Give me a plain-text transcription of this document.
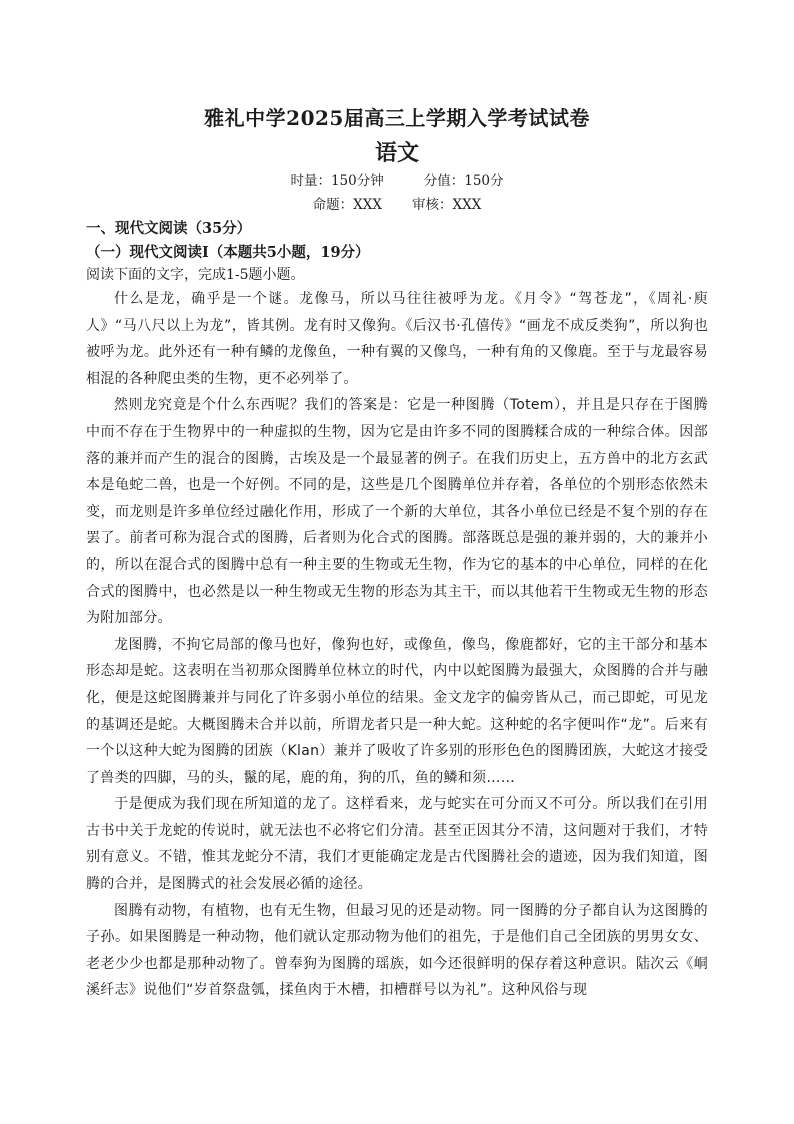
雅礼中学2025届高三上学期入学考试试卷
语文
时量：150分钟	分值：150分
命题：XXX 审核：XXX
一、现代文阅读（35分）
（一）现代文阅读Ⅰ（本题共5小题，19分）
阅读下面的文字，完成1-5题小题。

什么是龙，确乎是一个谜。龙像马，所以马往往被呼为龙。《月令》“驾苍龙”，《周礼·庾人》“马八尺以上为龙”，皆其例。龙有时又像狗。《后汉书·孔僖传》“画龙不成反类狗”，所以狗也被呼为龙。此外还有一种有鳞的龙像鱼，一种有翼的又像鸟，一种有角的又像鹿。至于与龙最容易相混的各种爬虫类的生物，更不必列举了。

然则龙究竟是个什么东西呢？我们的答案是：它是一种图腾（Totem），并且是只存在于图腾中而不存在于生物界中的一种虚拟的生物，因为它是由许多不同的图腾糅合成的一种综合体。因部落的兼并而产生的混合的图腾，古埃及是一个最显著的例子。在我们历史上，五方兽中的北方玄武本是龟蛇二兽，也是一个好例。不同的是，这些是几个图腾单位并存着，各单位的个别形态依然未变，而龙则是许多单位经过融化作用，形成了一个新的大单位，其各小单位已经是不复个别的存在罢了。前者可称为混合式的图腾，后者则为化合式的图腾。部落既总是强的兼并弱的，大的兼并小的，所以在混合式的图腾中总有一种主要的生物或无生物，作为它的基本的中心单位，同样的在化合式的图腾中，也必然是以一种生物或无生物的形态为其主干，而以其他若干生物或无生物的形态为附加部分。

龙图腾，不拘它局部的像马也好，像狗也好，或像鱼，像鸟，像鹿都好，它的主干部分和基本形态却是蛇。这表明在当初那众图腾单位林立的时代，内中以蛇图腾为最强大，众图腾的合并与融化，便是这蛇图腾兼并与同化了许多弱小单位的结果。金文龙字的偏旁皆从己，而己即蛇，可见龙的基调还是蛇。大概图腾未合并以前，所谓龙者只是一种大蛇。这种蛇的名字便叫作“龙”。后来有一个以这种大蛇为图腾的团族（Klan）兼并了吸收了许多别的形形色色的图腾团族，大蛇这才接受了兽类的四脚，马的头，鬣的尾，鹿的角，狗的爪，鱼的鳞和须……

于是便成为我们现在所知道的龙了。这样看来，龙与蛇实在可分而又不可分。所以我们在引用古书中关于龙蛇的传说时，就无法也不必将它们分清。甚至正因其分不清，这问题对于我们，才特别有意义。不错，惟其龙蛇分不清，我们才更能确定龙是古代图腾社会的遗迹，因为我们知道，图腾的合并，是图腾式的社会发展必循的途径。

图腾有动物，有植物，也有无生物，但最习见的还是动物。同一图腾的分子都自认为这图腾的子孙。如果图腾是一种动物，他们就认定那动物为他们的祖先，于是他们自己全团族的男男女女、老老少少也都是那种动物了。曾奉狗为图腾的瑶族，如今还很鲜明的保存着这种意识。陆次云《峒溪纤志》说他们“岁首祭盘瓠，揉鱼肉于木槽，扣槽群号以为礼”。这种风俗与现
